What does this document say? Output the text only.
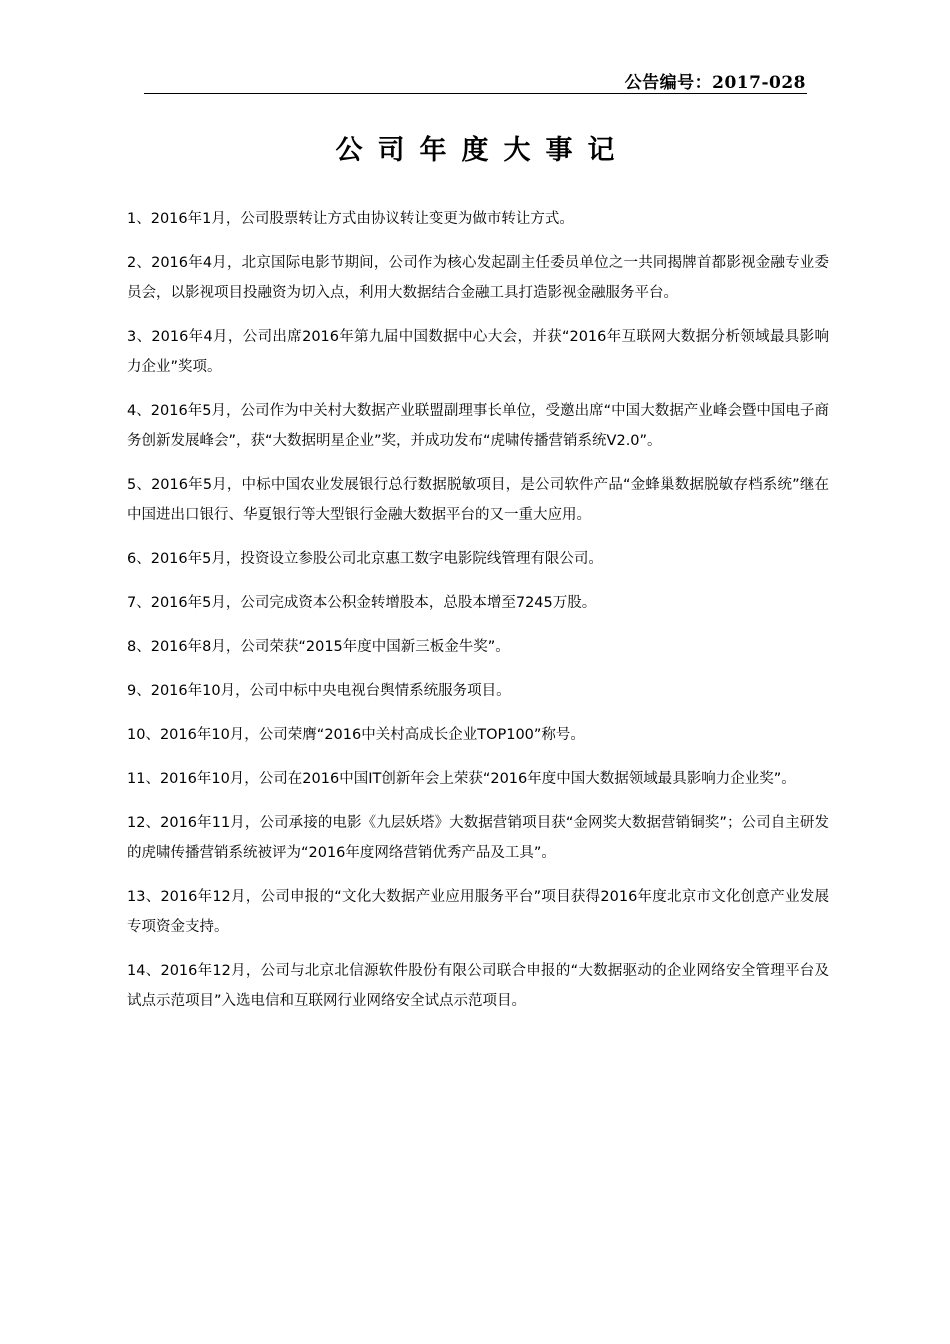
公告编号：2017-028
公司年度大事记
1、2016年1月，公司股票转让方式由协议转让变更为做市转让方式。
2、2016年4月，北京国际电影节期间，公司作为核心发起副主任委员单位之一共同揭牌首都影视金融专业委员会，以影视项目投融资为切入点，利用大数据结合金融工具打造影视金融服务平台。
3、2016年4月，公司出席2016年第九届中国数据中心大会，并获“2016年互联网大数据分析领域最具影响力企业”奖项。
4、2016年5月，公司作为中关村大数据产业联盟副理事长单位，受邀出席“中国大数据产业峰会暨中国电子商务创新发展峰会”，获“大数据明星企业”奖，并成功发布“虎啸传播营销系统V2.0”。
5、2016年5月，中标中国农业发展银行总行数据脱敏项目，是公司软件产品“金蜂巢数据脱敏存档系统”继在中国进出口银行、华夏银行等大型银行金融大数据平台的又一重大应用。
6、2016年5月，投资设立参股公司北京惠工数字电影院线管理有限公司。
7、2016年5月，公司完成资本公积金转增股本，总股本增至7245万股。
8、2016年8月，公司荣获“2015年度中国新三板金牛奖”。
9、2016年10月，公司中标中央电视台舆情系统服务项目。
10、2016年10月，公司荣膺“2016中关村高成长企业TOP100”称号。
11、2016年10月，公司在2016中国IT创新年会上荣获“2016年度中国大数据领域最具影响力企业奖”。
12、2016年11月，公司承接的电影《九层妖塔》大数据营销项目获“金网奖大数据营销铜奖”；公司自主研发的虎啸传播营销系统被评为“2016年度网络营销优秀产品及工具”。
13、2016年12月，公司申报的“文化大数据产业应用服务平台”项目获得2016年度北京市文化创意产业发展专项资金支持。
14、2016年12月，公司与北京北信源软件股份有限公司联合申报的“大数据驱动的企业网络安全管理平台及试点示范项目”入选电信和互联网行业网络安全试点示范项目。
